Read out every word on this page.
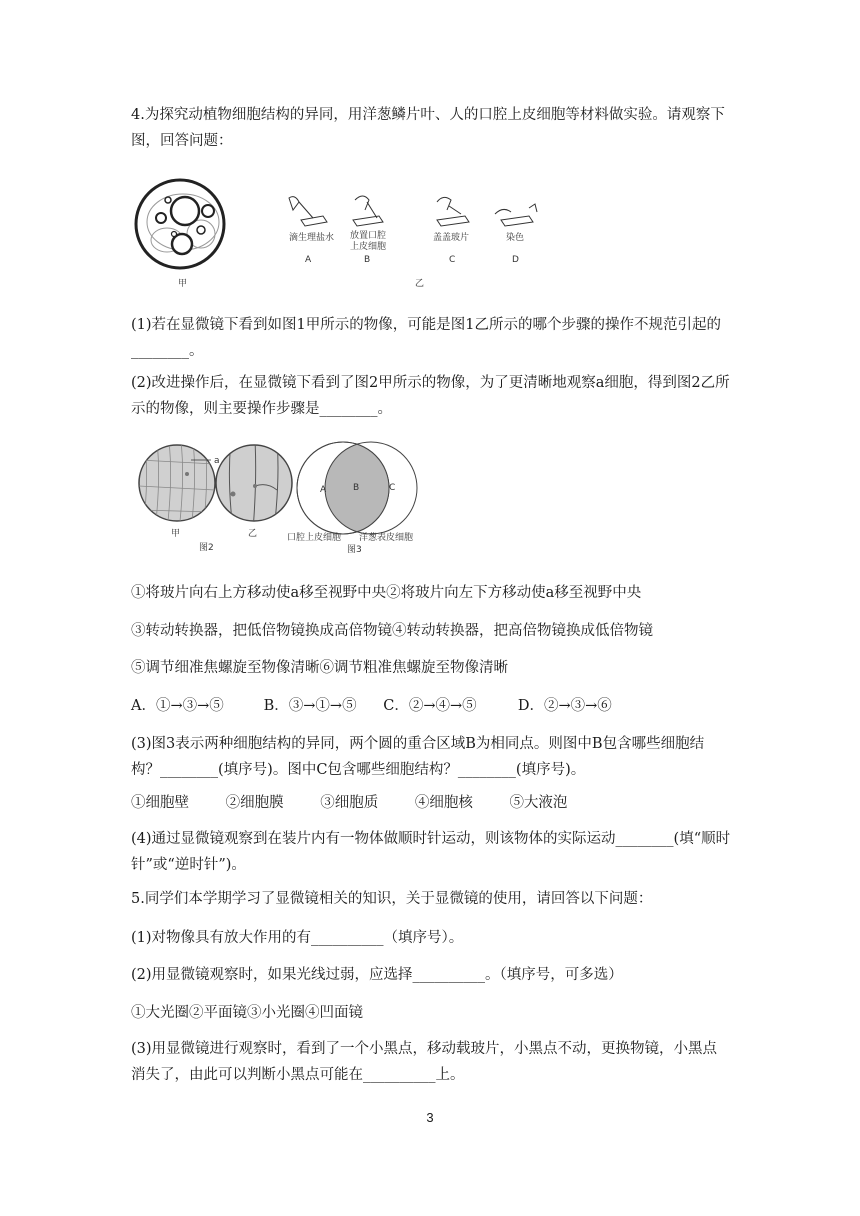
4.为探究动植物细胞结构的异同，用洋葱鳞片叶、人的口腔上皮细胞等材料做实验。请观察下图，回答问题：

甲
滴生理盐水
A
放置口腔
上皮细胞
B
盖盖玻片
C
染色
D
乙

(1)若在显微镜下看到如图1甲所示的物像，可能是图1乙所示的哪个步骤的操作不规范引起的________。

(2)改进操作后，在显微镜下看到了图2甲所示的物像，为了更清晰地观察a细胞，得到图2乙所示的物像，则主要操作步骤是________。

a
甲	乙
图2
A	B	C
口腔上皮细胞 洋葱表皮细胞
图3

①将玻片向右上方移动使a移至视野中央②将玻片向左下方移动使a移至视野中央

③转动转换器，把低倍物镜换成高倍物镜④转动转换器，把高倍物镜换成低倍物镜

⑤调节细准焦螺旋至物像清晰⑥调节粗准焦螺旋至物像清晰

A．①→③→⑤	B．③→①→⑤ C．②→④→⑤	D．②→③→⑥

(3)图3表示两种细胞结构的异同，两个圆的重合区域B为相同点。则图中B包含哪些细胞结构？________(填序号)。图中C包含哪些细胞结构？________(填序号)。

①细胞壁	②细胞膜	③细胞质	④细胞核	⑤大液泡

(4)通过显微镜观察到在装片内有一物体做顺时针运动，则该物体的实际运动________(填“顺时针”或“逆时针”)。

5.同学们本学期学习了显微镜相关的知识，关于显微镜的使用，请回答以下问题：

(1)对物像具有放大作用的有__________（填序号）。

(2)用显微镜观察时，如果光线过弱，应选择__________。（填序号，可多选）

①大光圈②平面镜③小光圈④凹面镜

(3)用显微镜进行观察时，看到了一个小黑点，移动载玻片，小黑点不动，更换物镜，小黑点消失了，由此可以判断小黑点可能在__________上。

3
